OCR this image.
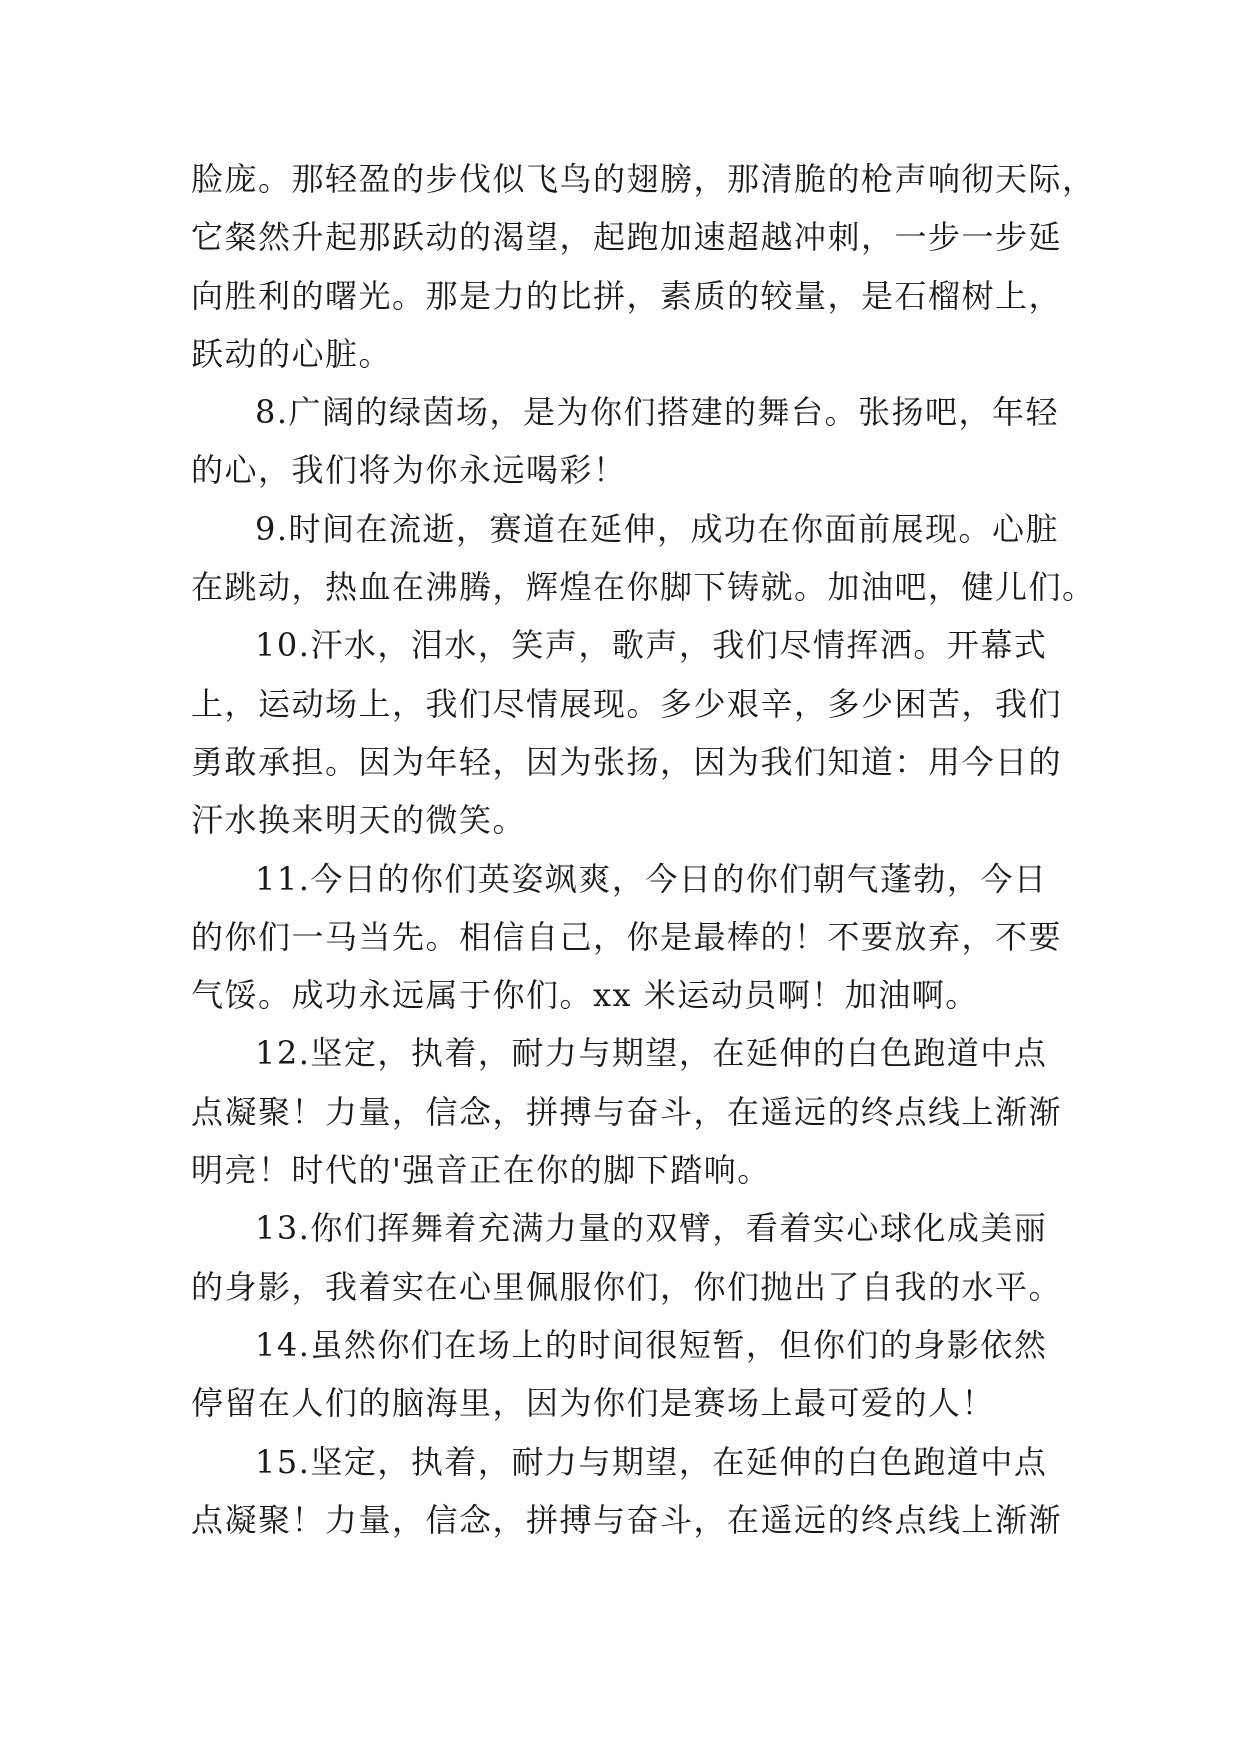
脸庞。那轻盈的步伐似飞鸟的翅膀，那清脆的枪声响彻天际，
它粲然升起那跃动的渴望，起跑加速超越冲刺，一步一步延
向胜利的曙光。那是力的比拼，素质的较量，是石榴树上，
跃动的心脏。
8.广阔的绿茵场，是为你们搭建的舞台。张扬吧，年轻
的心，我们将为你永远喝彩！
9.时间在流逝，赛道在延伸，成功在你面前展现。心脏
在跳动，热血在沸腾，辉煌在你脚下铸就。加油吧，健儿们。
10.汗水，泪水，笑声，歌声，我们尽情挥洒。开幕式
上，运动场上，我们尽情展现。多少艰辛，多少困苦，我们
勇敢承担。因为年轻，因为张扬，因为我们知道：用今日的
汗水换来明天的微笑。
11.今日的你们英姿飒爽，今日的你们朝气蓬勃，今日
的你们一马当先。相信自己，你是最棒的！不要放弃，不要
气馁。成功永远属于你们。xx 米运动员啊！加油啊。
12.坚定，执着，耐力与期望，在延伸的白色跑道中点
点凝聚！力量，信念，拼搏与奋斗，在遥远的终点线上渐渐
明亮！时代的'强音正在你的脚下踏响。
13.你们挥舞着充满力量的双臂，看着实心球化成美丽
的身影，我着实在心里佩服你们，你们抛出了自我的水平。
14.虽然你们在场上的时间很短暂，但你们的身影依然
停留在人们的脑海里，因为你们是赛场上最可爱的人！
15.坚定，执着，耐力与期望，在延伸的白色跑道中点
点凝聚！力量，信念，拼搏与奋斗，在遥远的终点线上渐渐
